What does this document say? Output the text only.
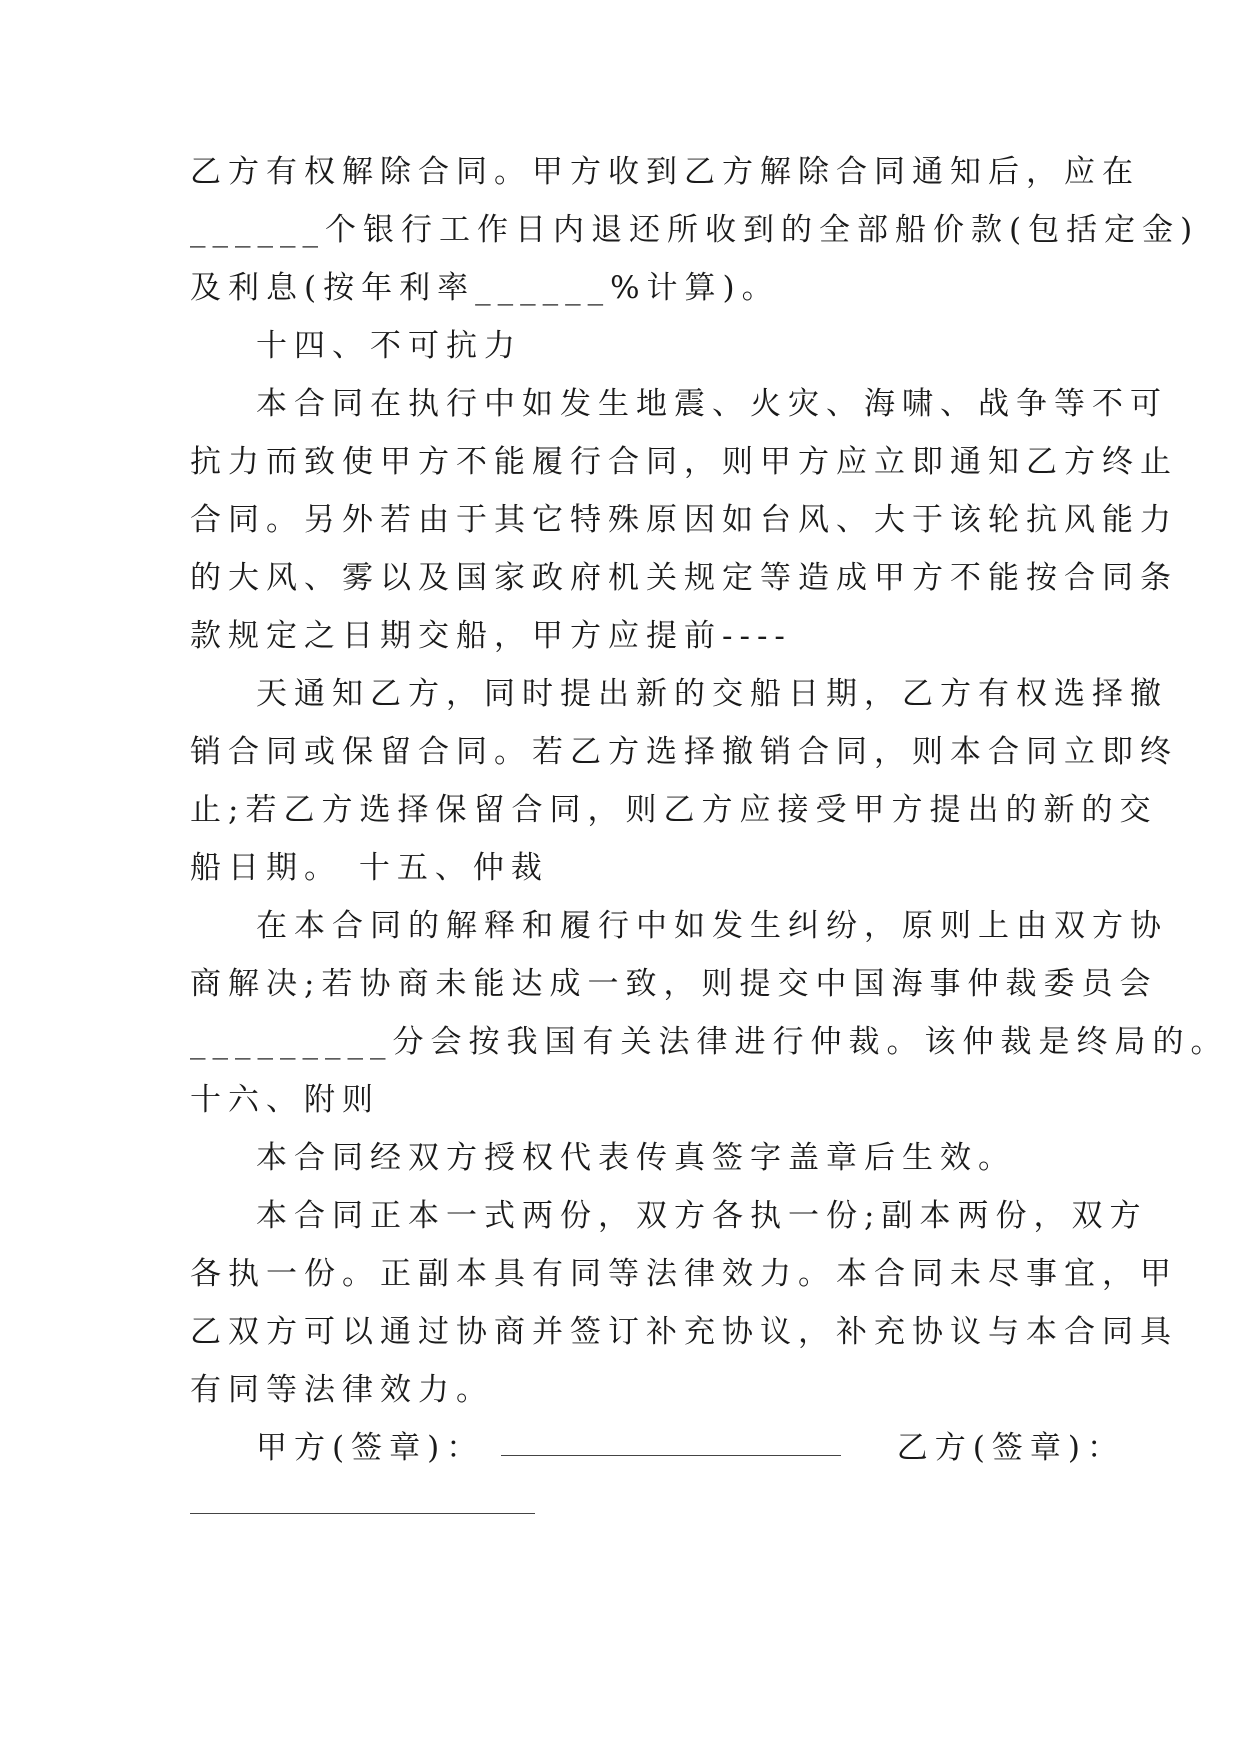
乙方有权解除合同。甲方收到乙方解除合同通知后，应在
______个银行工作日内退还所收到的全部船价款(包括定金)
及利息(按年利率______%计算)。
十四、不可抗力
本合同在执行中如发生地震、火灾、海啸、战争等不可
抗力而致使甲方不能履行合同，则甲方应立即通知乙方终止
合同。另外若由于其它特殊原因如台风、大于该轮抗风能力
的大风、雾以及国家政府机关规定等造成甲方不能按合同条
款规定之日期交船，甲方应提前----
天通知乙方，同时提出新的交船日期，乙方有权选择撤
销合同或保留合同。若乙方选择撤销合同，则本合同立即终
止;若乙方选择保留合同，则乙方应接受甲方提出的新的交
船日期。 十五、仲裁
在本合同的解释和履行中如发生纠纷，原则上由双方协
商解决;若协商未能达成一致，则提交中国海事仲裁委员会
_________分会按我国有关法律进行仲裁。该仲裁是终局的。
十六、附则
本合同经双方授权代表传真签字盖章后生效。
本合同正本一式两份，双方各执一份;副本两份，双方
各执一份。正副本具有同等法律效力。本合同未尽事宜，甲
乙双方可以通过协商并签订补充协议，补充协议与本合同具
有同等法律效力。
甲方(签章)：	乙方(签章)：
